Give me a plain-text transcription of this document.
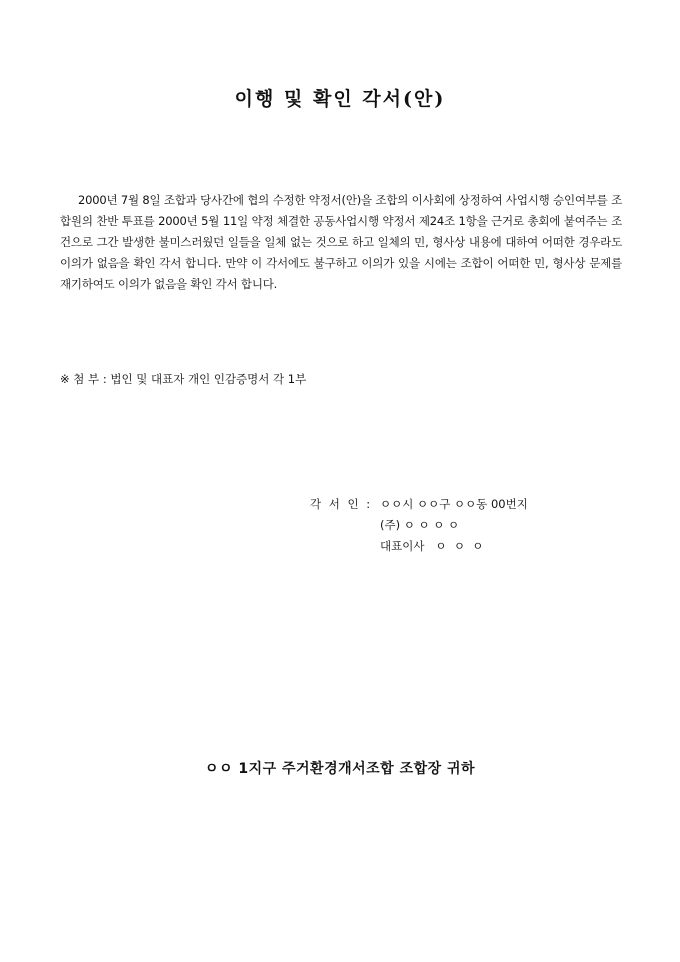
이행 및 확인 각서(안)

2000년 7월 8일 조합과 당사간에 협의 수정한 약정서(안)을 조합의 이사회에 상정하여 사업시행 승인여부를 조합원의 찬반 투표를 2000년 5월 11일 약정 체결한 공동사업시행 약정서 제24조 1항을 근거로 총회에 붙여주는 조건으로 그간 발생한 불미스러웠던 일들을 일체 없는 것으로 하고 일체의 민, 형사상 내용에 대하여 어떠한 경우라도 이의가 없음을 확인 각서 합니다. 만약 이 각서에도 불구하고 이의가 있을 시에는 조합이 어떠한 민, 형사상 문제를 재기하여도 이의가 없음을 확인 각서 합니다.

※ 첨 부 : 법인 및 대표자 개인 인감증명서 각 1부
각 서 인 : ㅇㅇ시 ㅇㅇ구 ㅇㅇ동 00번지
(주) ㅇ ㅇ ㅇ ㅇ
대표이사   ㅇ  ㅇ  ㅇ
ㅇㅇ 1지구 주거환경개서조합 조합장 귀하
